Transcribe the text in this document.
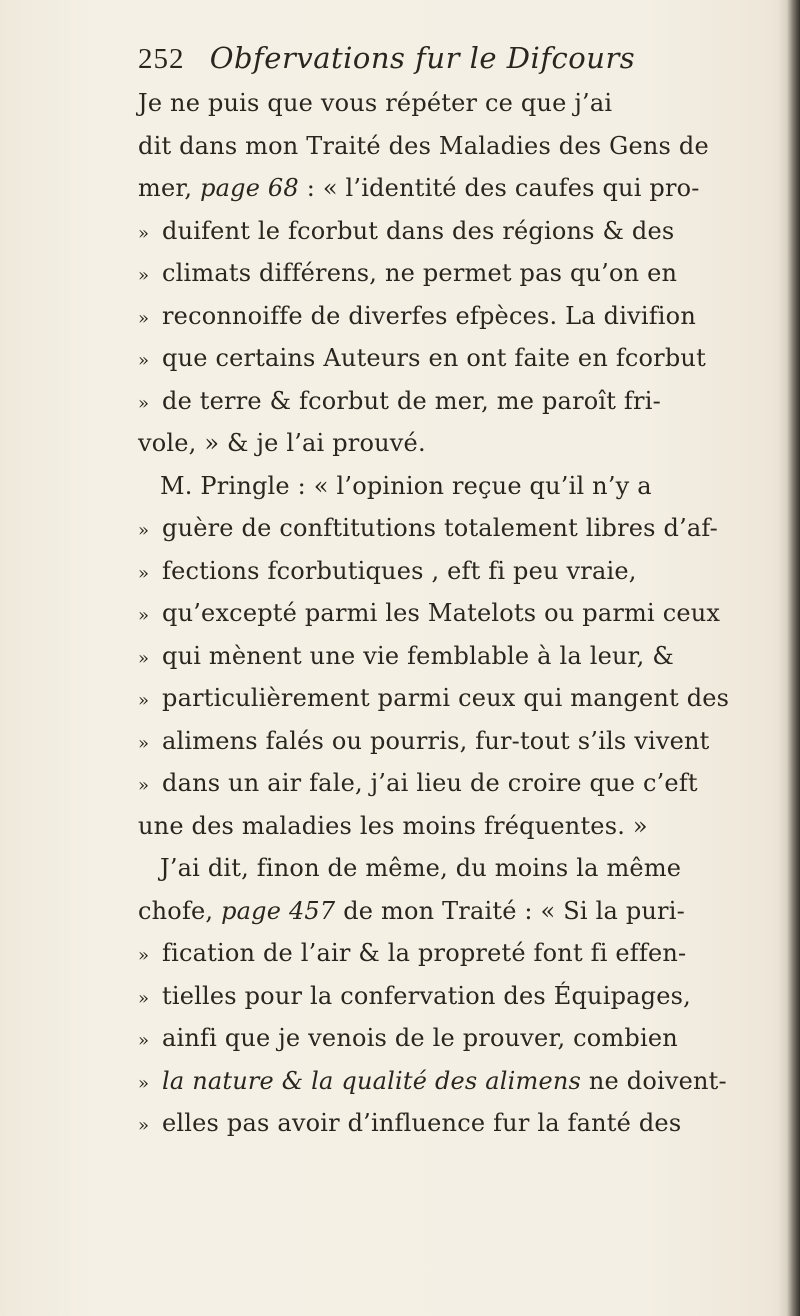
252 Obfervations fur le Difcours
Je ne puis que vous répéter ce que j’ai
dit dans mon Traité des Maladies des Gens de
mer, page 68 : « l’identité des caufes qui pro-
» duifent le fcorbut dans des régions & des
» climats différens, ne permet pas qu’on en
» reconnoiffe de diverfes efpèces. La divifion
» que certains Auteurs en ont faite en fcorbut
» de terre & fcorbut de mer, me paroît fri-
vole, » & je l’ai prouvé.
M. Pringle : « l’opinion reçue qu’il n’y a
» guère de conftitutions totalement libres d’af-
» fections fcorbutiques , eft fi peu vraie,
» qu’excepté parmi les Matelots ou parmi ceux
» qui mènent une vie femblable à la leur, &
» particulièrement parmi ceux qui mangent des
» alimens falés ou pourris, fur-tout s’ils vivent
» dans un air fale, j’ai lieu de croire que c’eft
une des maladies les moins fréquentes. »
J’ai dit, finon de même, du moins la même
chofe, page 457 de mon Traité : « Si la puri-
» fication de l’air & la propreté font fi effen-
» tielles pour la confervation des Équipages,
» ainfi que je venois de le prouver, combien
» la nature & la qualité des alimens ne doivent-
» elles pas avoir d’influence fur la fanté des
